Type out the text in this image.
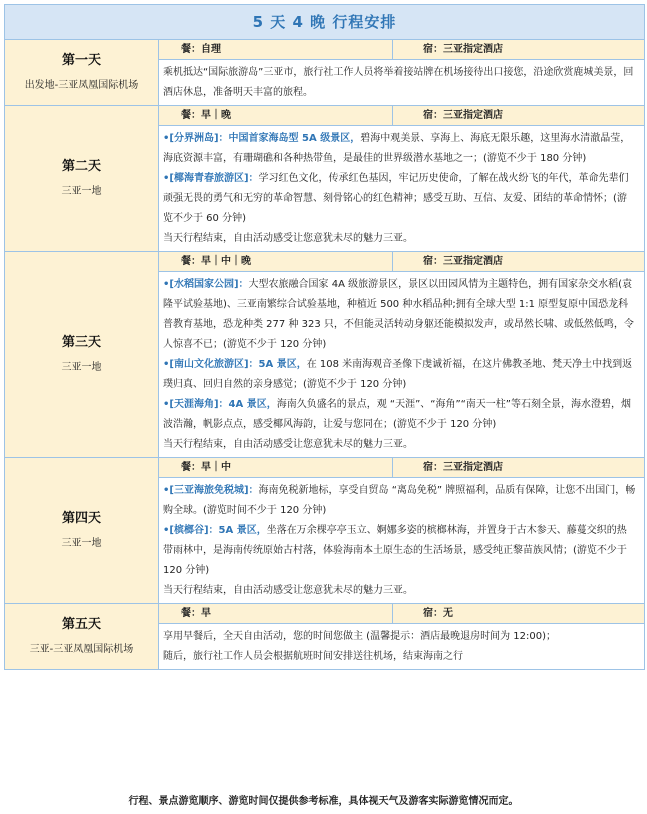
5 天 4 晚 行程安排		

第一天
出发地-三亚凤凰国际机场	餐：自理	宿：三亚指定酒店

	乘机抵达“国际旅游岛”三亚市，旅行社工作人员将举着接站牌在机场接待出口接您，沿途欣赏鹿城美景，回酒店休息，准备明天丰富的旅程。	

第二天
三亚一地	餐：早｜晚	宿：三亚指定酒店

	•[分界洲岛]：中国首家海岛型 5A 级景区，碧海中观美景、享海上、海底无限乐趣，这里海水清澈晶莹，海底资源丰富，有珊瑚礁和各种热带鱼，是最佳的世界级潜水基地之一；(游览不少于 180 分钟)

•[椰海青春旅游区]：学习红色文化，传承红色基因，牢记历史使命，了解在战火纷飞的年代，革命先辈们顽强无畏的勇气和无穷的革命智慧、刻骨铭心的红色精神；感受互助、互信、友爱、团结的革命情怀；(游览不少于 60 分钟)

当天行程结束，自由活动感受让您意犹未尽的魅力三亚。	

第三天
三亚一地	餐：早｜中｜晚	宿：三亚指定酒店

	•[水稻国家公园]：大型农旅融合国家 4A 级旅游景区，景区以田园风情为主题特色，拥有国家杂交水稻(袁隆平试验基地)、三亚南繁综合试验基地，种植近 500 种水稻品种;拥有全球大型 1:1 原型复原中国恐龙科普教育基地，恐龙种类 277 种 323 只，不但能灵活转动身躯还能模拟发声，或昂然长啸、或低然低鸣，令人惊喜不已；(游览不少于 120 分钟)

•[南山文化旅游区]：5A 景区，在 108 米南海观音圣像下虔诚祈福，在这片佛教圣地、梵天净土中找到返璞归真、回归自然的亲身感觉；(游览不少于 120 分钟)

•[天涯海角]：4A 景区，海南久负盛名的景点，观 “天涯”、“海角”“南天一柱”等石刻全景，海水澄碧，烟波浩瀚，帆影点点，感受椰风海韵，让爱与您同在；(游览不少于 120 分钟)

当天行程结束，自由活动感受让您意犹未尽的魅力三亚。	

第四天
三亚一地	餐：早｜中	宿：三亚指定酒店

	•[三亚海旅免税城]：海南免税新地标，享受自贸岛 “离岛免税” 牌照福利，品质有保障，让您不出国门，畅购全球。(游览时间不少于 120 分钟)

•[槟榔谷]：5A 景区，坐落在万余棵亭亭玉立、婀娜多姿的槟榔林海，并置身于古木参天、藤蔓交织的热带雨林中，是海南传统原始古村落，体验海南本土原生态的生活场景，感受纯正黎苗族风情；(游览不少于 120 分钟)

当天行程结束，自由活动感受让您意犹未尽的魅力三亚。	

第五天
三亚-三亚凤凰国际机场	餐：早	宿：无

	享用早餐后，全天自由活动，您的时间您做主 (温馨提示：酒店最晚退房时间为 12:00)；

随后，旅行社工作人员会根据航班时间安排送往机场，结束海南之行	

行程、景点游览顺序、游览时间仅提供参考标准，具体视天气及游客实际游览情况而定。
